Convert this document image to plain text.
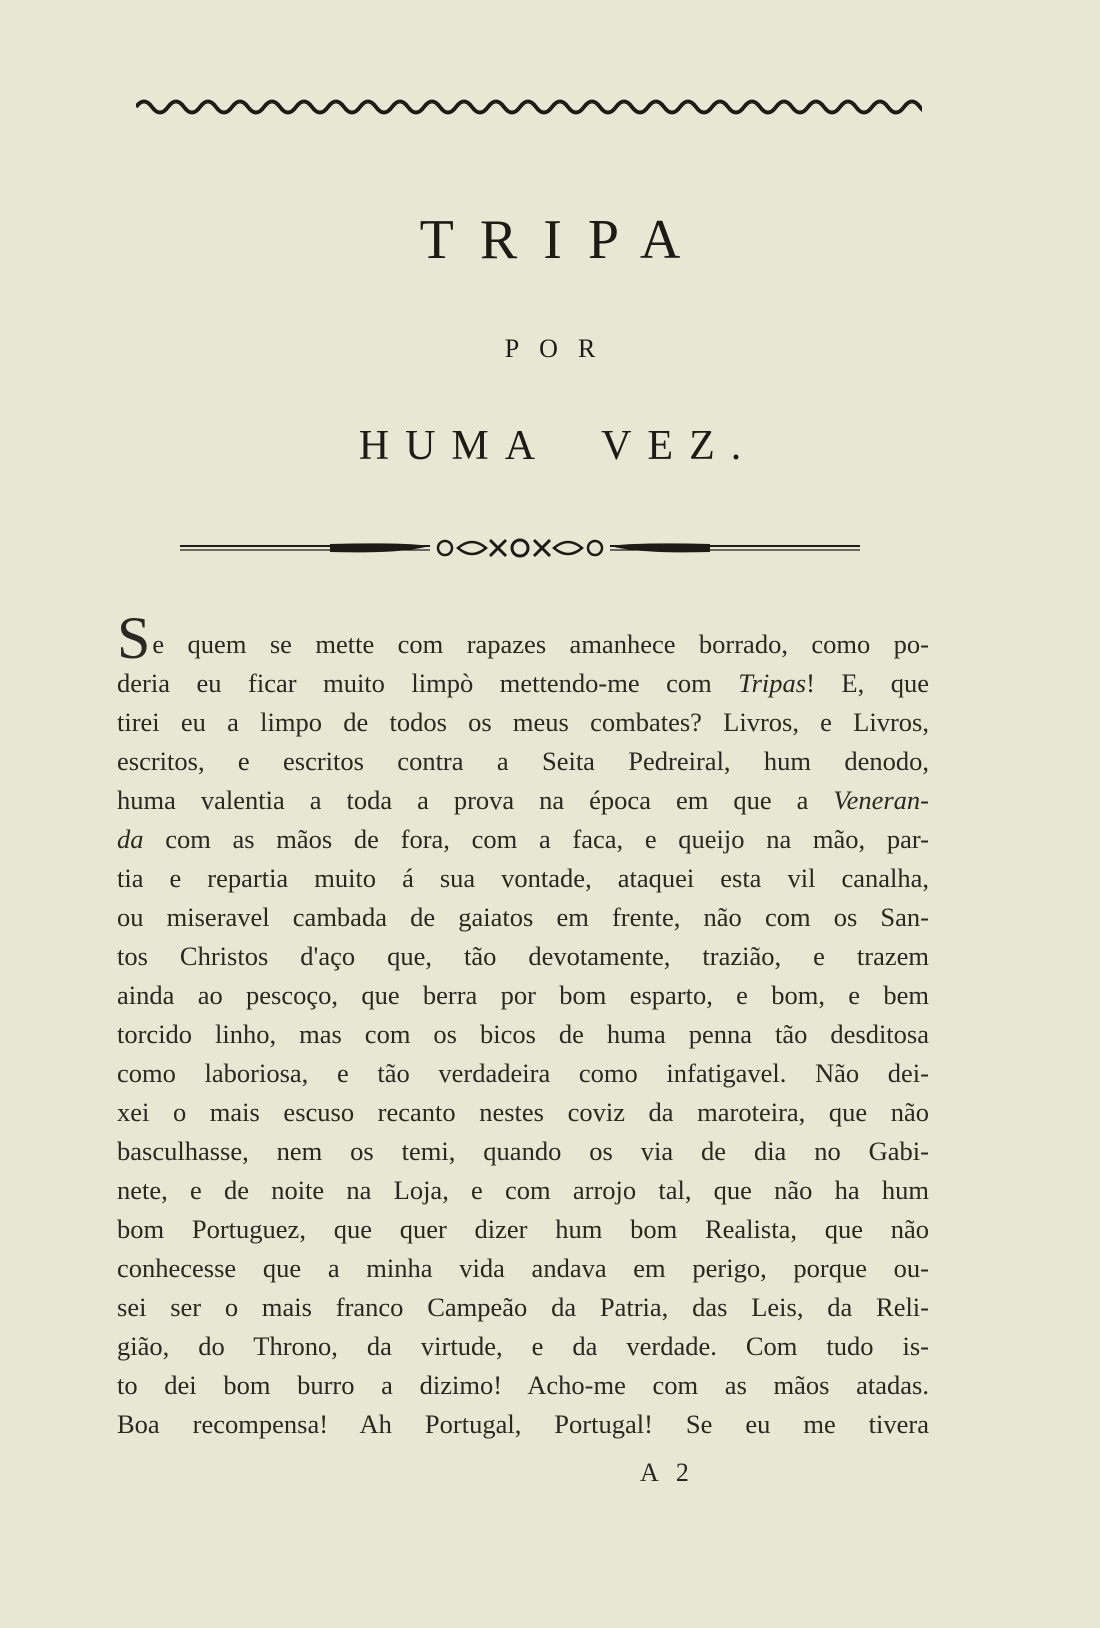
TRIPA
POR
HUMA VEZ.
Se quem se mette com rapazes amanhece borrado, como po-
deria eu ficar muito limpò mettendo-me com Tripas! E, que
tirei eu a limpo de todos os meus combates? Livros, e Livros,
escritos, e escritos contra a Seita Pedreiral, hum denodo,
huma valentia a toda a prova na época em que a Veneran-
da com as mãos de fora, com a faca, e queijo na mão, par-
tia e repartia muito á sua vontade, ataquei esta vil canalha,
ou miseravel cambada de gaiatos em frente, não com os San-
tos Christos d'aço que, tão devotamente, trazião, e trazem
ainda ao pescoço, que berra por bom esparto, e bom, e bem
torcido linho, mas com os bicos de huma penna tão desditosa
como laboriosa, e tão verdadeira como infatigavel. Não dei-
xei o mais escuso recanto nestes coviz da maroteira, que não
basculhasse, nem os temi, quando os via de dia no Gabi-
nete, e de noite na Loja, e com arrojo tal, que não ha hum
bom Portuguez, que quer dizer hum bom Realista, que não
conhecesse que a minha vida andava em perigo, porque ou-
sei ser o mais franco Campeão da Patria, das Leis, da Reli-
gião, do Throno, da virtude, e da verdade. Com tudo is-
to dei bom burro a dizimo! Acho-me com as mãos atadas.
Boa recompensa! Ah Portugal, Portugal! Se eu me tivera
A 2
